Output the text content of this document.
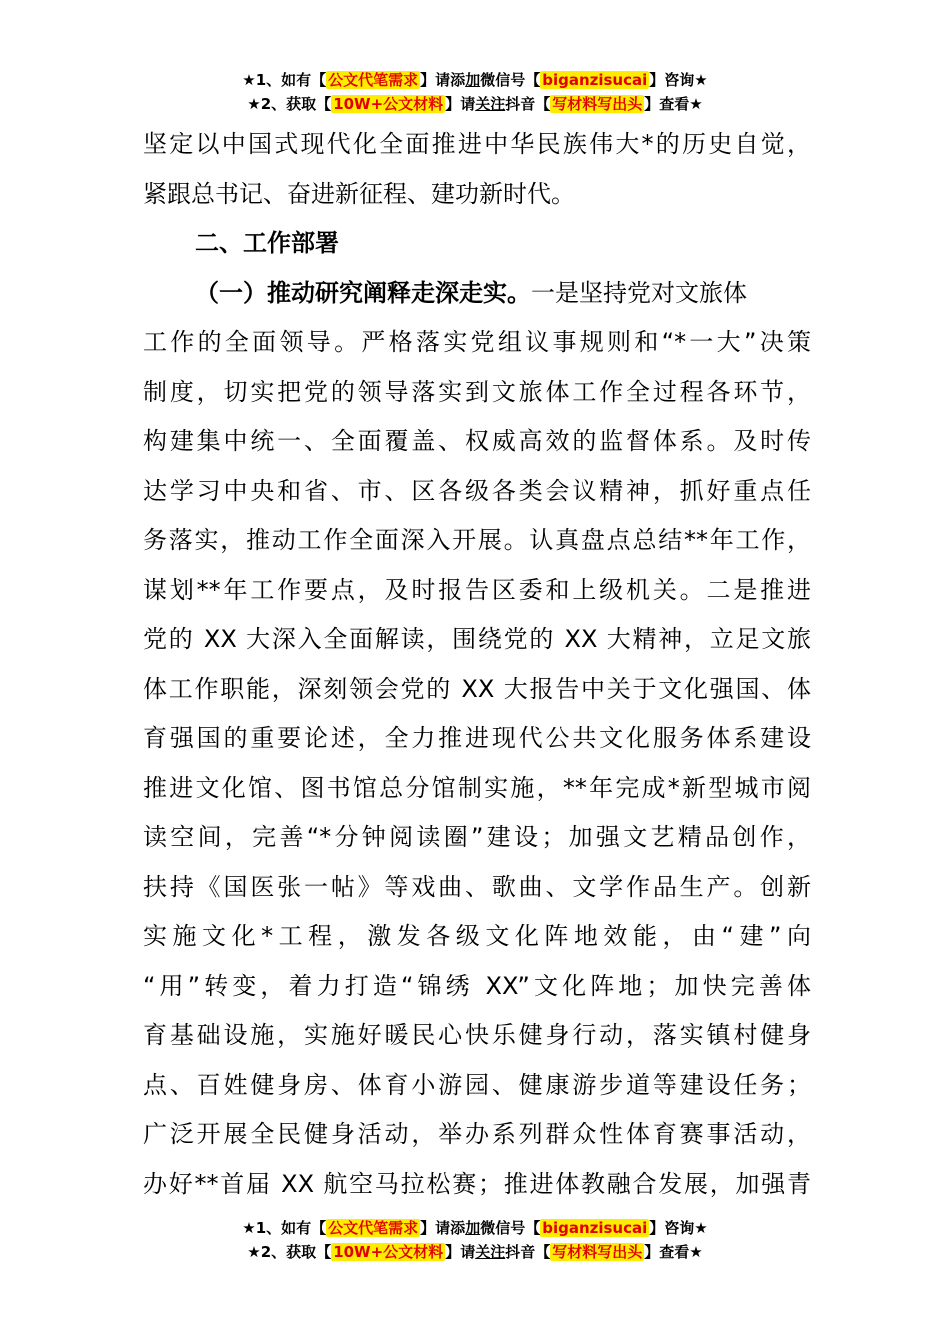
★1、如有【 公文代笔需求 】请添加微信号【 biganzisucai 】咨询★
★2、获取【 10W+公文材料 】请关注抖音【 写材料写出头 】查看★
坚定以中国式现代化全面推进中华民族伟大*的历史自觉，
紧跟总书记、奋进新征程、建功新时代。
二、工作部署
（一）推动研究阐释走深走实。一是坚持党对文旅体
工作的全面领导。严格落实党组议事规则和“*一大”决策
制度，切实把党的领导落实到文旅体工作全过程各环节，
构建集中统一、全面覆盖、权威高效的监督体系。及时传
达学习中央和省、市、区各级各类会议精神，抓好重点任
务落实，推动工作全面深入开展。认真盘点总结**年工作，
谋划**年工作要点，及时报告区委和上级机关。二是推进
党的 XX 大深入全面解读，围绕党的 XX 大精神，立足文旅
体工作职能，深刻领会党的 XX 大报告中关于文化强国、体
育强国的重要论述，全力推进现代公共文化服务体系建设
推进文化馆、图书馆总分馆制实施，**年完成*新型城市阅
读空间，完善“*分钟阅读圈”建设；加强文艺精品创作，
扶持《国医张一帖》等戏曲、歌曲、文学作品生产。创新
实施文化*工程，激发各级文化阵地效能，由“建”向
“用”转变，着力打造“锦绣 XX”文化阵地；加快完善体
育基础设施，实施好暖民心快乐健身行动，落实镇村健身
点、百姓健身房、体育小游园、健康游步道等建设任务；
广泛开展全民健身活动，举办系列群众性体育赛事活动，
办好**首届 XX 航空马拉松赛；推进体教融合发展，加强青
★1、如有【 公文代笔需求 】请添加微信号【 biganzisucai 】咨询★
★2、获取【 10W+公文材料 】请关注抖音【 写材料写出头 】查看★
